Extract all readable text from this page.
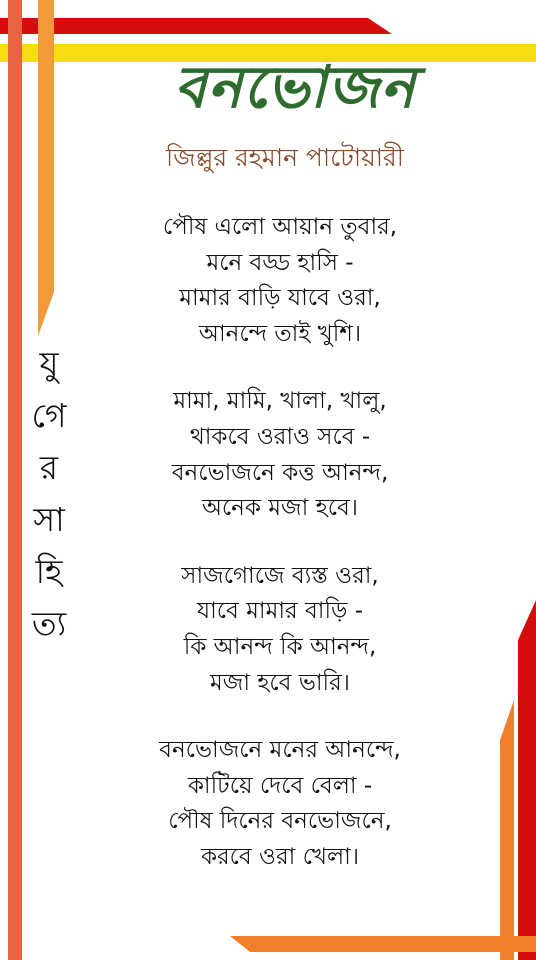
বনভোজন
জিল্লুর রহমান পাটোয়ারী
যু
গে
র
সা
হি
ত্য
পৌষ এলো আয়ান তুবার,
মনে বড্ড হাসি -
মামার বাড়ি যাবে ওরা,
আনন্দে তাই খুশি।
মামা, মামি, খালা, খালু,
থাকবে ওরাও সবে -
বনভোজনে কত্ত আনন্দ,
অনেক মজা হবে।
সাজগোজে ব্যস্ত ওরা,
যাবে মামার বাড়ি -
কি আনন্দ কি আনন্দ,
মজা হবে ভারি।
বনভোজনে মনের আনন্দে,
কাটিয়ে দেবে বেলা -
পৌষ দিনের বনভোজনে,
করবে ওরা খেলা।
